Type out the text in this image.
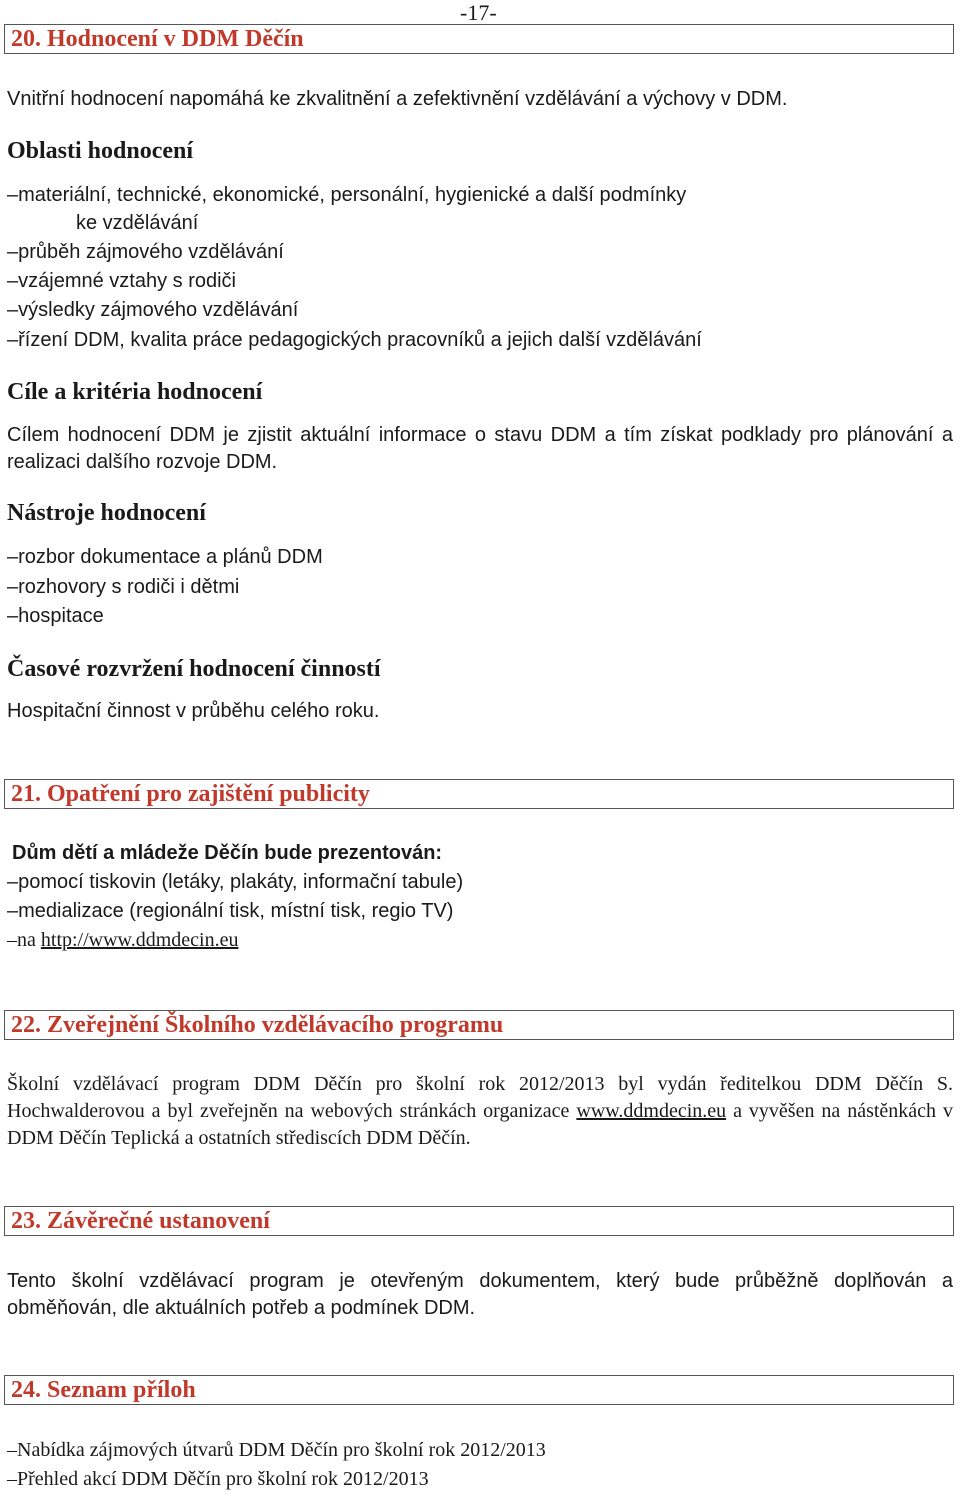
-17-
20. Hodnocení v DDM Děčín
Vnitřní hodnocení napomáhá ke zkvalitnění a zefektivnění vzdělávání a výchovy v DDM.
Oblasti hodnocení
– materiální, technické, ekonomické, personální, hygienické a další podmínky
ke vzdělávání
– průběh zájmového vzdělávání
– vzájemné vztahy s rodiči
– výsledky zájmového vzdělávání
– řízení DDM, kvalita práce pedagogických pracovníků a jejich další vzdělávání
Cíle a kritéria hodnocení
Cílem hodnocení DDM je zjistit aktuální informace o stavu DDM a tím získat podklady pro plánování a realizaci dalšího rozvoje DDM.
Nástroje hodnocení
– rozbor dokumentace a plánů DDM
– rozhovory s rodiči i dětmi
– hospitace
Časové rozvržení hodnocení činností
Hospitační činnost v průběhu celého roku.
21. Opatření pro zajištění publicity
Dům dětí a mládeže Děčín bude prezentován:
– pomocí tiskovin (letáky, plakáty, informační tabule)
– medializace (regionální tisk, místní tisk, regio TV)
– na http://www.ddmdecin.eu
22. Zveřejnění Školního vzdělávacího programu
Školní vzdělávací program DDM Děčín pro školní rok 2012/2013 byl vydán ředitelkou DDM Děčín S. Hochwalderovou a byl zveřejněn na webových stránkách organizace www.ddmdecin.eu a vyvěšen na nástěnkách v DDM Děčín Teplická a ostatních střediscích DDM Děčín.
23. Závěrečné ustanovení
Tento školní vzdělávací program je otevřeným dokumentem, který bude průběžně doplňován a obměňován, dle aktuálních potřeb a podmínek DDM.
24. Seznam příloh
– Nabídka zájmových útvarů DDM Děčín pro školní rok 2012/2013
– Přehled akcí DDM Děčín pro školní rok 2012/2013
